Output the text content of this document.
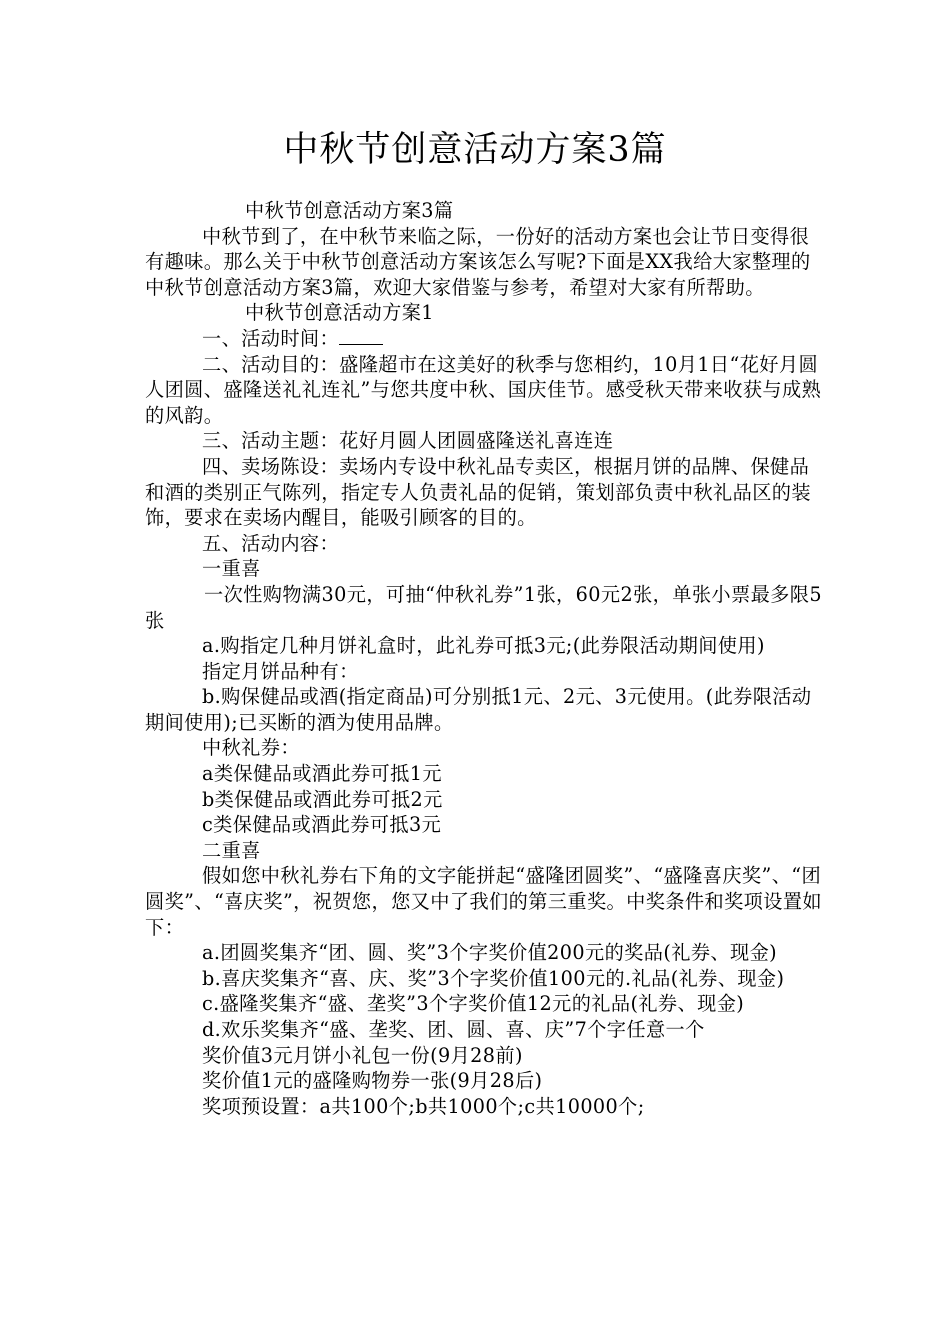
中秋节创意活动方案3篇

中秋节创意活动方案3篇

中秋节到了，在中秋节来临之际，一份好的活动方案也会让节日变得很有趣味。那么关于中秋节创意活动方案该怎么写呢?下面是XX我给大家整理的中秋节创意活动方案3篇，欢迎大家借鉴与参考，希望对大家有所帮助。

中秋节创意活动方案1

一、活动时间：

二、活动目的：盛隆超市在这美好的秋季与您相约，10月1日“花好月圆人团圆、盛隆送礼礼连礼”与您共度中秋、国庆佳节。感受秋天带来收获与成熟的风韵。

三、活动主题：花好月圆人团圆盛隆送礼喜连连

四、卖场陈设：卖场内专设中秋礼品专卖区，根据月饼的品牌、保健品和酒的类别正气陈列，指定专人负责礼品的促销，策划部负责中秋礼品区的装饰，要求在卖场内醒目，能吸引顾客的目的。

五、活动内容：

一重喜

一次性购物满30元，可抽“仲秋礼券”1张，60元2张，单张小票最多限5张

a.购指定几种月饼礼盒时，此礼券可抵3元;(此券限活动期间使用)

指定月饼品种有：

b.购保健品或酒(指定商品)可分别抵1元、2元、3元使用。(此券限活动期间使用);已买断的酒为使用品牌。

中秋礼券：

a类保健品或酒此券可抵1元

b类保健品或酒此券可抵2元

c类保健品或酒此券可抵3元

二重喜

假如您中秋礼券右下角的文字能拼起“盛隆团圆奖”、“盛隆喜庆奖”、“团圆奖”、“喜庆奖”，祝贺您，您又中了我们的第三重奖。中奖条件和奖项设置如下：

a.团圆奖集齐“团、圆、奖”3个字奖价值200元的奖品(礼券、现金)

b.喜庆奖集齐“喜、庆、奖”3个字奖价值100元的.礼品(礼券、现金)

c.盛隆奖集齐“盛、垄奖”3个字奖价值12元的礼品(礼券、现金)

d.欢乐奖集齐“盛、垄奖、团、圆、喜、庆”7个字任意一个

奖价值3元月饼小礼包一份(9月28前)

奖价值1元的盛隆购物券一张(9月28后)

奖项预设置：a共100个;b共1000个;c共10000个;
